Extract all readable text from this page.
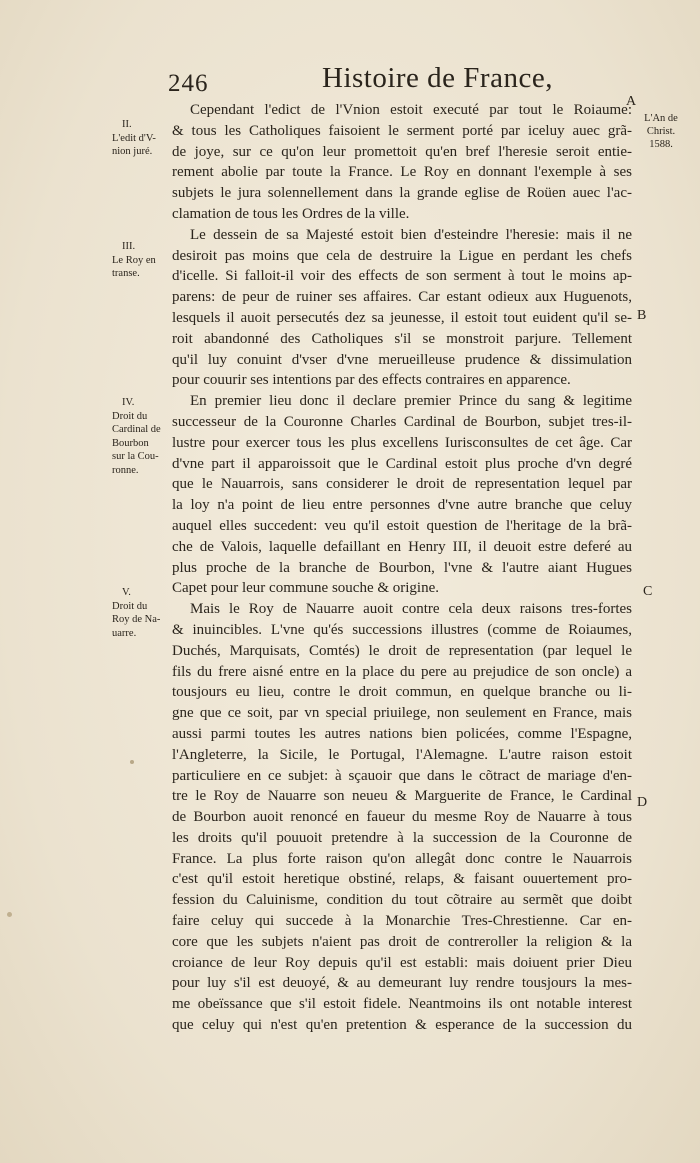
246	Histoire de France,
A
B
C
D
L'An de
Christ.
1588.
II.
L'edit d'V-
nion juré.
III.
Le Roy en
transe.
IV.
Droit du
Cardinal de
Bourbon
sur la Cou-
ronne.
V.
Droit du
Roy de Na-
uarre.
Cependant l'edict de l'Vnion estoit executé par tout le Roiaume:
& tous les Catholiques faisoient le serment porté par iceluy auec grã-
de joye, sur ce qu'on leur promettoit qu'en bref l'heresie seroit entie-
rement abolie par toute la France. Le Roy en donnant l'exemple à ses
subjets le jura solennellement dans la grande eglise de Roüen auec l'ac-
clamation de tous les Ordres de la ville.
Le dessein de sa Majesté estoit bien d'esteindre l'heresie: mais il ne
desiroit pas moins que cela de destruire la Ligue en perdant les chefs
d'icelle. Si falloit-il voir des effects de son serment à tout le moins ap-
parens: de peur de ruiner ses affaires. Car estant odieux aux Huguenots,
lesquels il auoit persecutés dez sa jeunesse, il estoit tout euident qu'il se-
roit abandonné des Catholiques s'il se monstroit parjure. Tellement
qu'il luy conuint d'vser d'vne merueilleuse prudence & dissimulation
pour couurir ses intentions par des effects contraires en apparence.
En premier lieu donc il declare premier Prince du sang & legitime
successeur de la Couronne Charles Cardinal de Bourbon, subjet tres-il-
lustre pour exercer tous les plus excellens Iurisconsultes de cet âge. Car
d'vne part il apparoissoit que le Cardinal estoit plus proche d'vn degré
que le Nauarrois, sans considerer le droit de representation lequel par
la loy n'a point de lieu entre personnes d'vne autre branche que celuy
auquel elles succedent: veu qu'il estoit question de l'heritage de la brã-
che de Valois, laquelle defaillant en Henry III, il deuoit estre deferé au
plus proche de la branche de Bourbon, l'vne & l'autre aiant Hugues
Capet pour leur commune souche & origine.
Mais le Roy de Nauarre auoit contre cela deux raisons tres-fortes
& inuincibles. L'vne qu'és successions illustres (comme de Roiaumes,
Duchés, Marquisats, Comtés) le droit de representation (par lequel le
fils du frere aisné entre en la place du pere au prejudice de son oncle) a
tousjours eu lieu, contre le droit commun, en quelque branche ou li-
gne que ce soit, par vn special priuilege, non seulement en France, mais
aussi parmi toutes les autres nations bien policées, comme l'Espagne,
l'Angleterre, la Sicile, le Portugal, l'Alemagne. L'autre raison estoit
particuliere en ce subjet: à sçauoir que dans le cõtract de mariage d'en-
tre le Roy de Nauarre son neueu & Marguerite de France, le Cardinal
de Bourbon auoit renoncé en faueur du mesme Roy de Nauarre à tous
les droits qu'il pouuoit pretendre à la succession de la Couronne de
France. La plus forte raison qu'on allegât donc contre le Nauarrois
c'est qu'il estoit heretique obstiné, relaps, & faisant ouuertement pro-
fession du Caluinisme, condition du tout cõtraire au sermẽt que doibt
faire celuy qui succede à la Monarchie Tres-Chrestienne. Car en-
core que les subjets n'aient pas droit de contreroller la religion & la
croiance de leur Roy depuis qu'il est establi: mais doiuent prier Dieu
pour luy s'il est deuoyé, & au demeurant luy rendre tousjours la mes-
me obeïssance que s'il estoit fidele. Neantmoins ils ont notable interest
que celuy qui n'est qu'en pretention & esperance de la succession du
